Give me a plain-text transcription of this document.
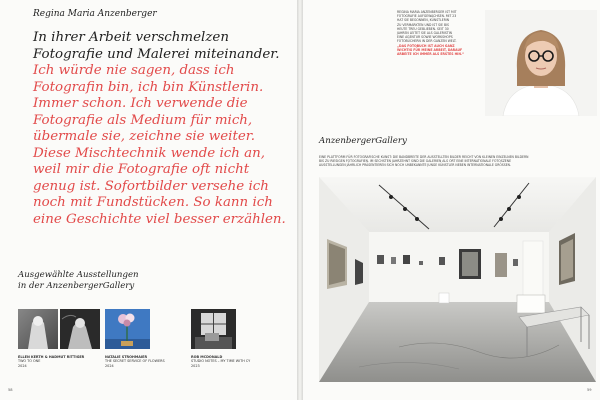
Regina Maria Anzenberger
In ihrer Arbeit verschmelzen
Fotografie und Malerei miteinander.
Ich würde nie sagen, dass ich
Fotografin bin, ich bin Künstlerin.
Immer schon. Ich verwende die
Fotografie als Medium für mich,
übermale sie, zeichne sie weiter.
Diese Mischtechnik wende ich an,
weil mir die Fotografie oft nicht
genug ist. Sofortbilder versehe ich
noch mit Fundstücken. So kann ich
eine Geschichte viel besser erzählen.
Ausgewählte Ausstellungen
in der AnzenbergerGallery
ELLEN KERTH & HADMUT RITTIGER
TWO TO ONE
2024
NATALIE STROHMAIER
THE SECRET SERVICE OF FLOWERS
2024
ROB MCDONALD
STUDIO NOTES – MY TIME WITH CY
2023
58
REGINA MARIA ANZENBERGER IST MIT
FOTOGRAFIE AUFGEWACHSEN. MIT 23
HAT SIE BEGONNEN, KÜNSTLERIN
ZU VERMARKTEN UND IST SIE BIS
HEUTE TREU GEBLIEBEN. SEIT 30
JAHREN LEITET SIE ALS GALERISTIN
EINE AGENTUR SOWIE WORKSHOPS
FOTOBÜCHERN IN DER GANZEN WELT.
„DAS FOTOBUCH IST AUCH GANZ
WICHTIG FÜR MEINE ARBEIT, DARAUF
ARBEITE ICH IMMER ALS ERSTES HIN.“
AnzenbergerGallery
EINE PLATTFORM FÜR FOTOGRAFISCHE KUNST: DIE BANDBREITE DER AUSSTELLTEN BILDER REICHT VON KLEINEN EINZELNEN BILDERN
BIS ZU RIESIGEN FOTOGRAFIEN. IM SECHSTEN JAHRZEHNT SIND DIE GALERIEN ALS ORT EINE INTERNATIONALE FOTOSZENE
AUSSTELLUNGEN JÄHRLICH PRÄSENTIEREN SICH NOCH UNBEKANNTE JUNGE KÜNSTLER NEBEN INTERNATIONALE GRÖSSEN.
59
